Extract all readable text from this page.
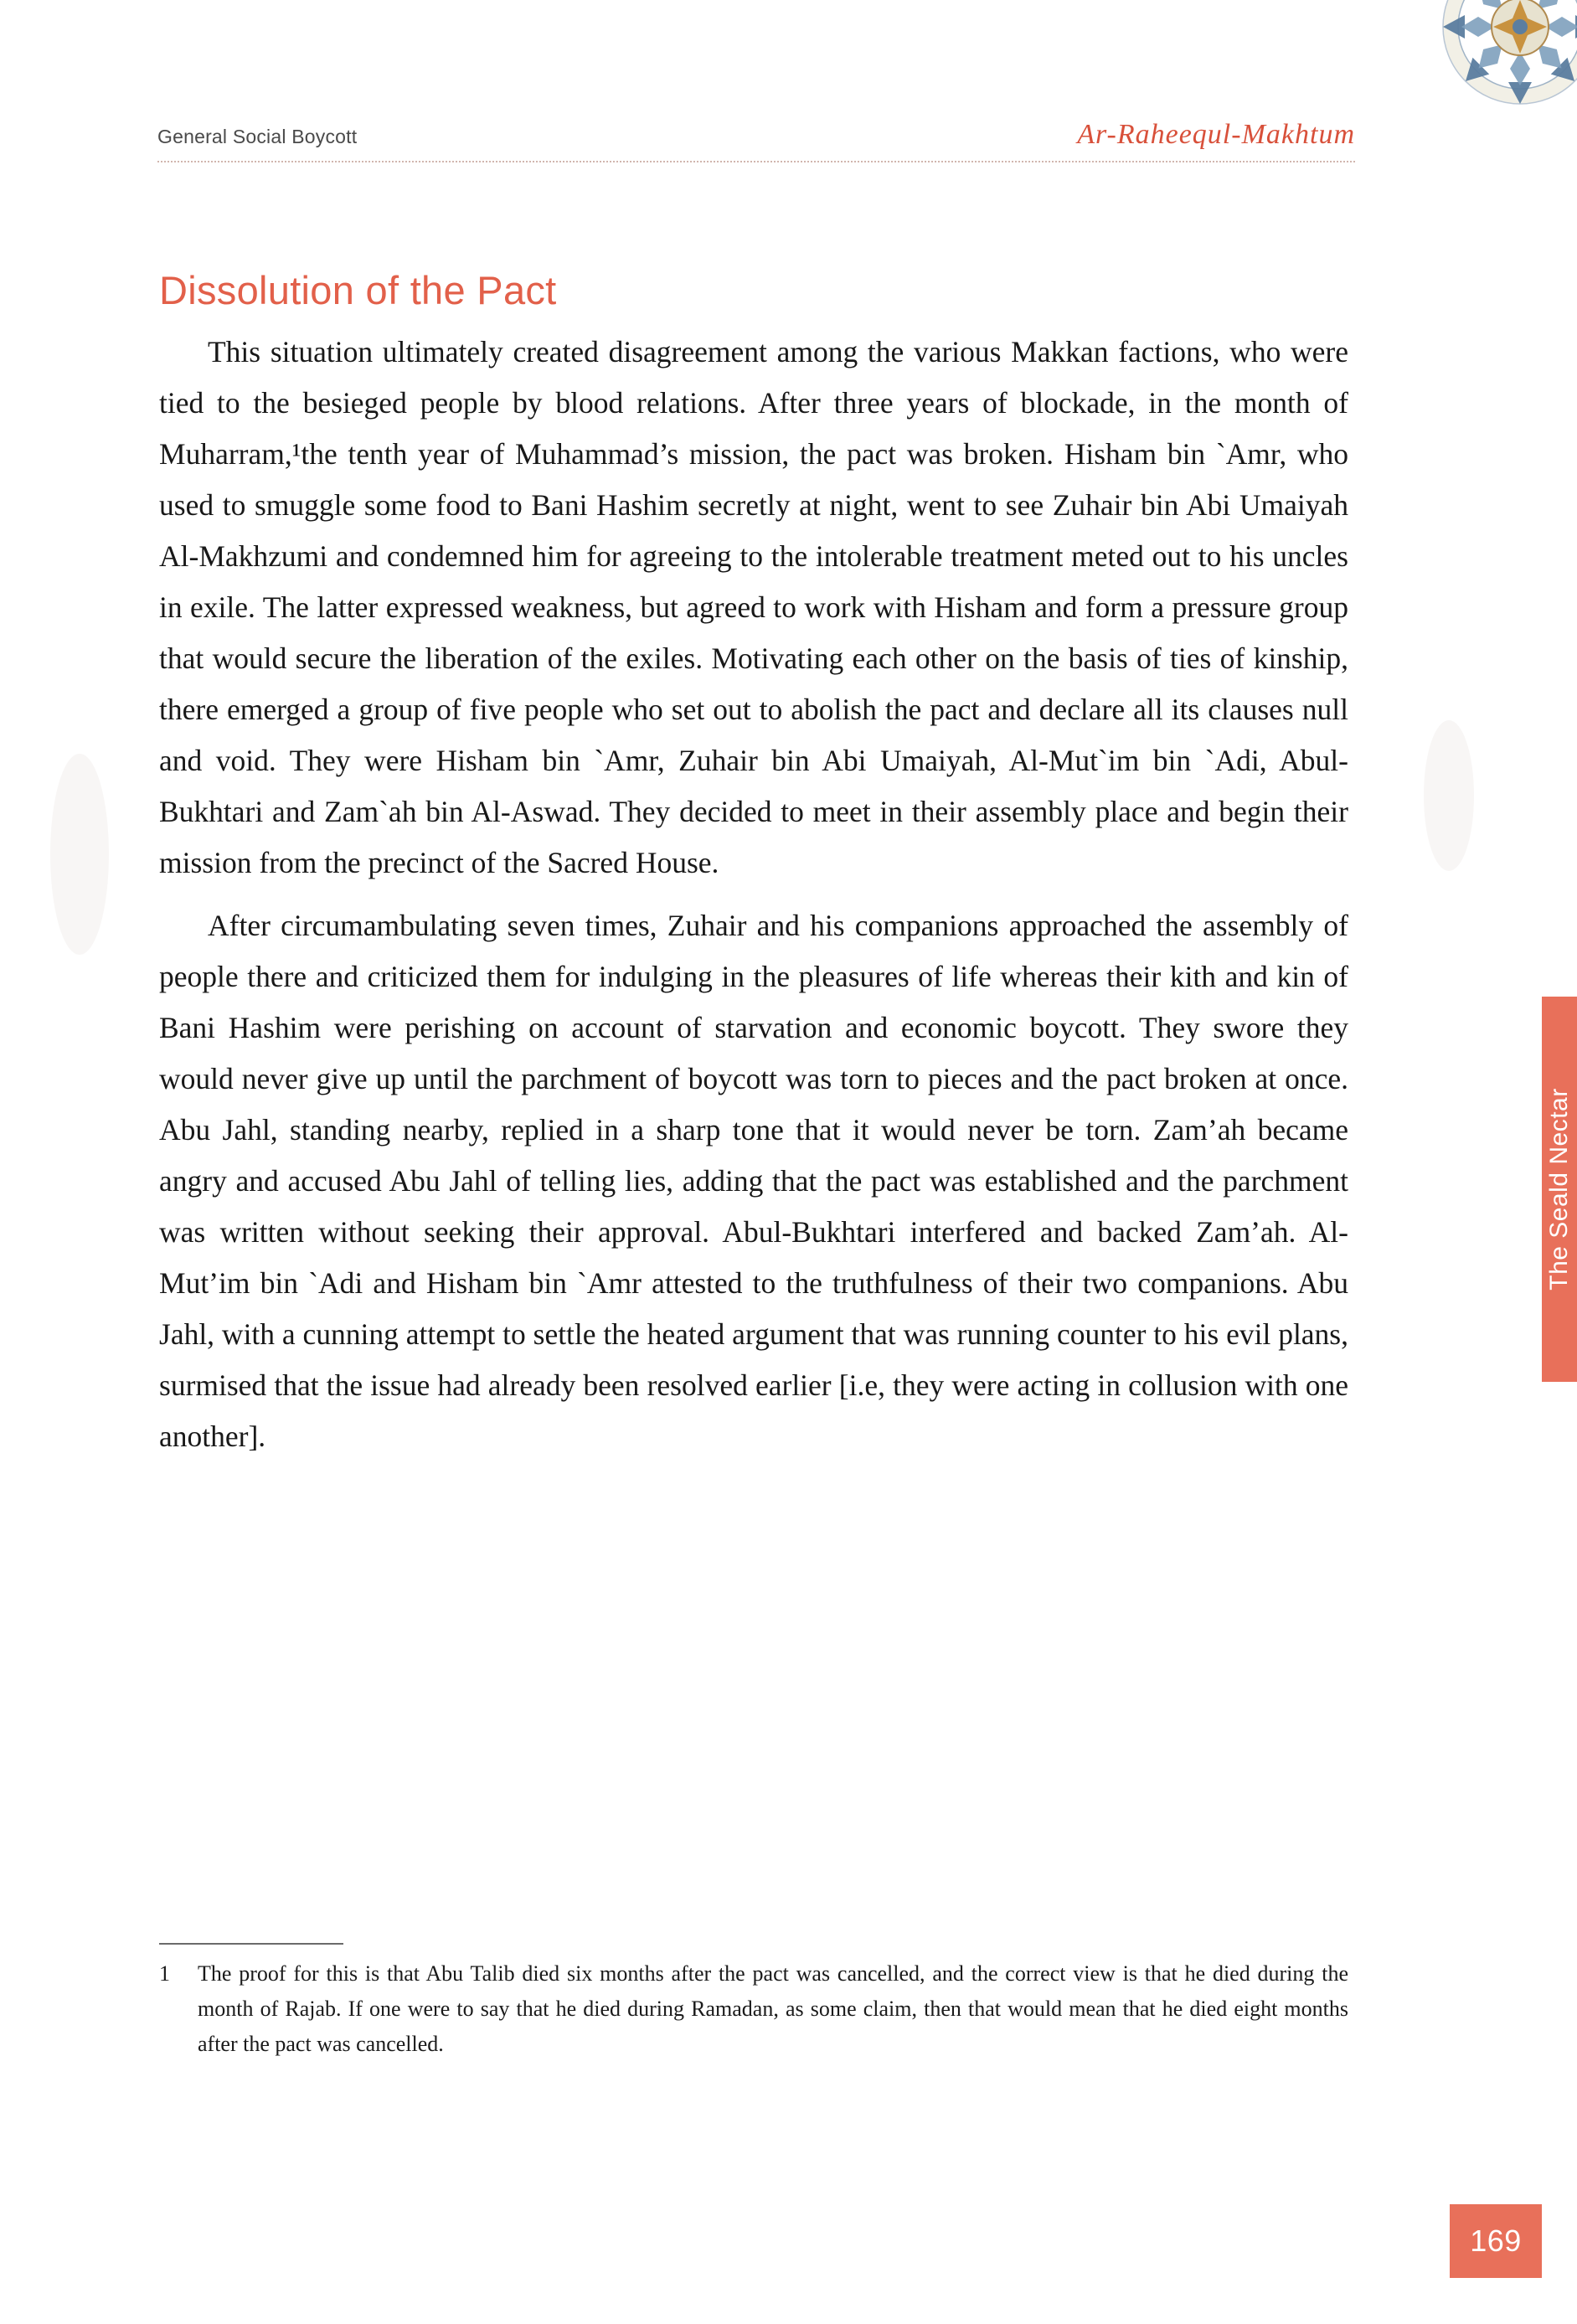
General Social Boycott	Ar-Raheequl-Makhtum
The Seald Nectar
Dissolution of the Pact

This situation ultimately created disagreement among the various Makkan factions, who were tied to the besieged people by blood relations. After three years of blockade, in the month of Muharram,¹the tenth year of Muhammad’s mission, the pact was broken. Hisham bin `Amr, who used to smuggle some food to Bani Hashim secretly at night, went to see Zuhair bin Abi Umaiyah Al-Makhzumi and condemned him for agreeing to the intolerable treatment meted out to his uncles in exile. The latter expressed weakness, but agreed to work with Hisham and form a pressure group that would secure the liberation of the exiles. Motivating each other on the basis of ties of kinship, there emerged a group of five people who set out to abolish the pact and declare all its clauses null and void. They were Hisham bin `Amr, Zuhair bin Abi Umaiyah, Al-Mut`im bin `Adi, Abul-Bukhtari and Zam`ah bin Al-Aswad. They decided to meet in their assembly place and begin their mission from the precinct of the Sacred House.

After circumambulating seven times, Zuhair and his companions approached the assembly of people there and criticized them for indulging in the pleasures of life whereas their kith and kin of Bani Hashim were perishing on account of starvation and economic boycott. They swore they would never give up until the parchment of boycott was torn to pieces and the pact broken at once. Abu Jahl, standing nearby, replied in a sharp tone that it would never be torn. Zam’ah became angry and accused Abu Jahl of telling lies, adding that the pact was established and the parchment was written without seeking their approval. Abul-Bukhtari interfered and backed Zam’ah. Al-Mut’im bin `Adi and Hisham bin `Amr attested to the truthfulness of their two companions. Abu Jahl, with a cunning attempt to settle the heated argument that was running counter to his evil plans, surmised that the issue had already been resolved earlier [i.e, they were acting in collusion with one another].

1	The proof for this is that Abu Talib died six months after the pact was cancelled, and the correct view is that he died during the month of Rajab. If one were to say that he died during Ramadan, as some claim, then that would mean that he died eight months after the pact was cancelled.
169
